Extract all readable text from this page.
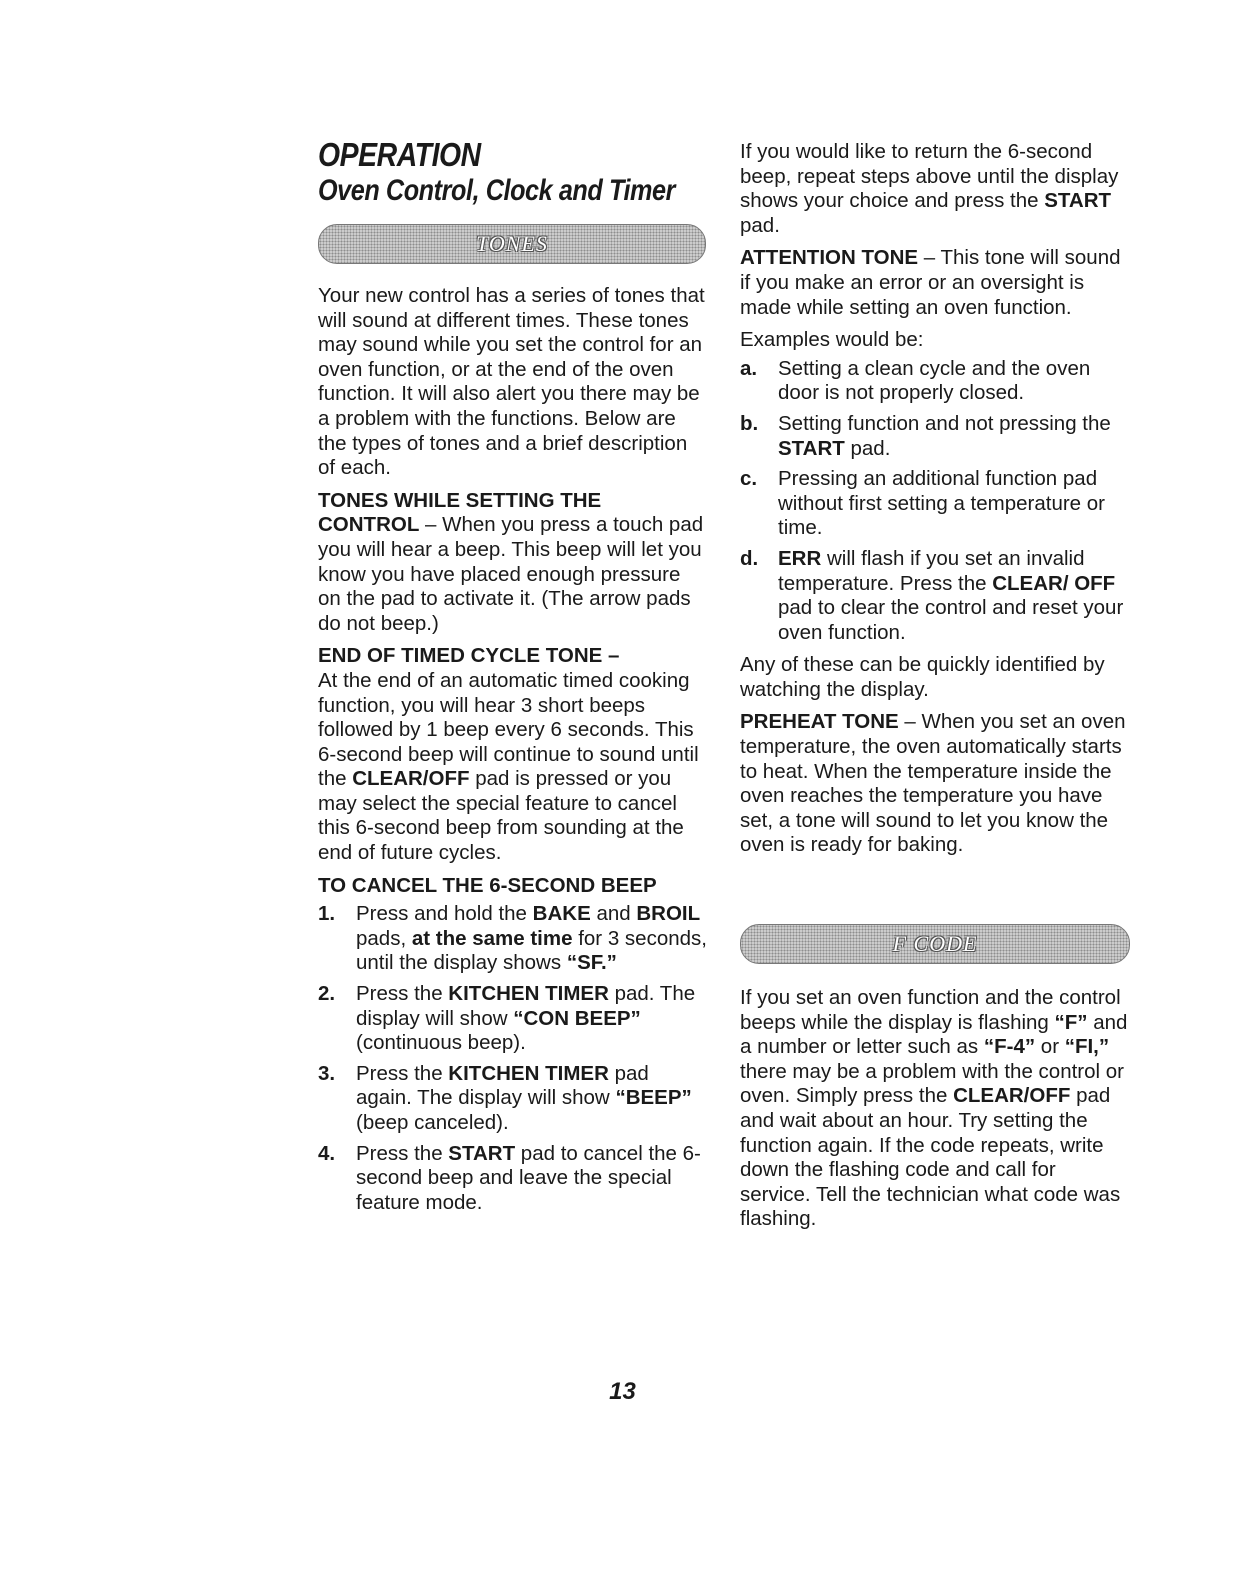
OPERATION
Oven Control, Clock and Timer
TONES

Your new control has a series of tones that will sound at different times. These tones may sound while you set the control for an oven function, or at the end of the oven function. It will also alert you there may be a problem with the functions. Below are the types of tones and a brief description of each.

TONES WHILE SETTING THE CONTROL – When you press a touch pad you will hear a beep. This beep will let you know you have placed enough pressure on the pad to activate it. (The arrow pads do not beep.)

END OF TIMED CYCLE TONE –

At the end of an automatic timed cooking function, you will hear 3 short beeps followed by 1 beep every 6 seconds. This 6-second beep will continue to sound until the CLEAR/OFF pad is pressed or you may select the special feature to cancel this 6-second beep from sounding at the end of future cycles.

TO CANCEL THE 6-SECOND BEEP

1.	Press and hold the BAKE and BROIL pads, at the same time for 3 seconds, until the display shows “SF.”
2.	Press the KITCHEN TIMER pad. The display will show “CON BEEP” (continuous beep).
3.	Press the KITCHEN TIMER pad again. The display will show “BEEP” (beep canceled).
4.	Press the START pad to cancel the 6-second beep and leave the special feature mode.

If you would like to return the 6-second beep, repeat steps above until the display shows your choice and press the START pad.

ATTENTION TONE – This tone will sound if you make an error or an oversight is made while setting an oven function.

Examples would be:

a.	Setting a clean cycle and the oven door is not properly closed.
b. Setting function and not pressing the START pad.
c.	Pressing an additional function pad without first setting a temperature or time.
d. ERR will flash if you set an invalid temperature. Press the CLEAR/ OFF pad to clear the control and reset your oven function.

Any of these can be quickly identified by watching the display.

PREHEAT TONE – When you set an oven temperature, the oven automatically starts to heat. When the temperature inside the oven reaches the temperature you have set, a tone will sound to let you know the oven is ready for baking.

F CODE

If you set an oven function and the control beeps while the display is flashing “F” and a number or letter such as “F-4” or “FI,” there may be a problem with the control or oven. Simply press the CLEAR/OFF pad and wait about an hour. Try setting the function again. If the code repeats, write down the flashing code and call for service. Tell the technician what code was flashing.

13
